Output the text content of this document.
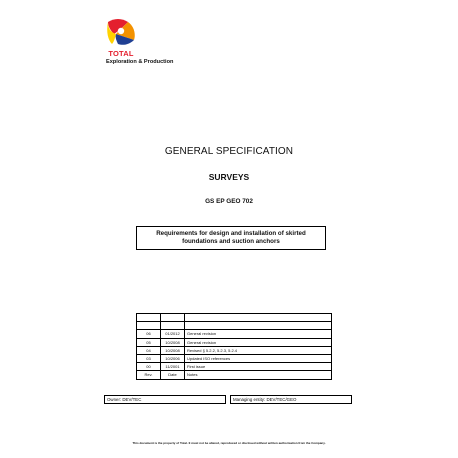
TOTAL
Exploration & Production
GENERAL SPECIFICATION
SURVEYS
GS EP GEO 702
Requirements for design and installation of skirted foundations and suction anchors

06	01/2012	General revision
05	10/2008	General revision
04	10/2008	Revised § 5.2.2, 5.2.3, 5.2.4
03	10/2006	Updated ISO references
00	11/2001	First issue
Rev.	Date	Notes
Owner: DEV/TEC	Managing entity: DEV/TEC/GEO
This document is the property of Total. It must not be altered, reproduced or disclosed without written authorisation from the Company.
